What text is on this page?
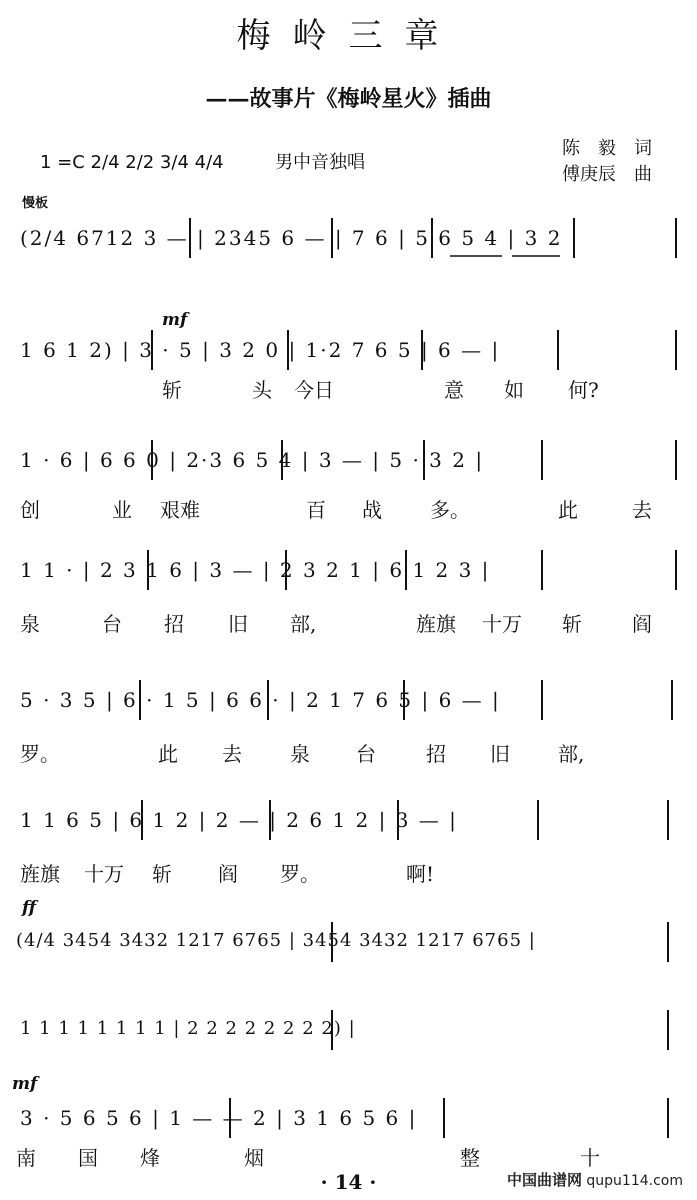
梅岭三章
——故事片《梅岭星火》插曲
1 =C 2/4 2/2 3/4 4/4	男中音独唱
陈　毅　词
傅庚辰　曲
慢板
(2/4 6712 3 — | 2345 6 — | 7 6 | 5 6 5 4 | 3 2 |
mf
1 6 1 2) | 3 · 5 | 3 2 0 | 1·2 7 6 5 | 6 — |
斩	头 今日	意 如 何?
1 · 6 | 6 6 0 | 2·3 6 5 4 | 3 — | 5 · 3 2 |
创	业 艰难	百 战 多。	此	去
1 1 · | 2 3 1 6 | 3 — | 2 3 2 1 | 6 1 2 3 |
泉	台 招 旧 部,	旌旗 十万 斩	阎
5 · 3 5 | 6 · 1 5 | 6 6 · | 2 1 7 6 5 | 6 — |
罗。	此 去 泉 台	招 旧 部,
1 1 6 5 | 6 1 2 | 2 — | 2 6 1 2 | 3 — |
旌旗 十万 斩 阎 罗。	啊!
ff
(4/4 3454 3432 1217 6765 | 3454 3432 1217 6765 |
1 1 1 1 1 1 1 1 | 2 2 2 2 2 2 2 2) |
mf
3 · 5 6 5 6 | 1 — — 2 | 3 1 6 5 6 |
南 国 烽	烟	整	十
· 14 ·	中国曲谱网 qupu114.com
